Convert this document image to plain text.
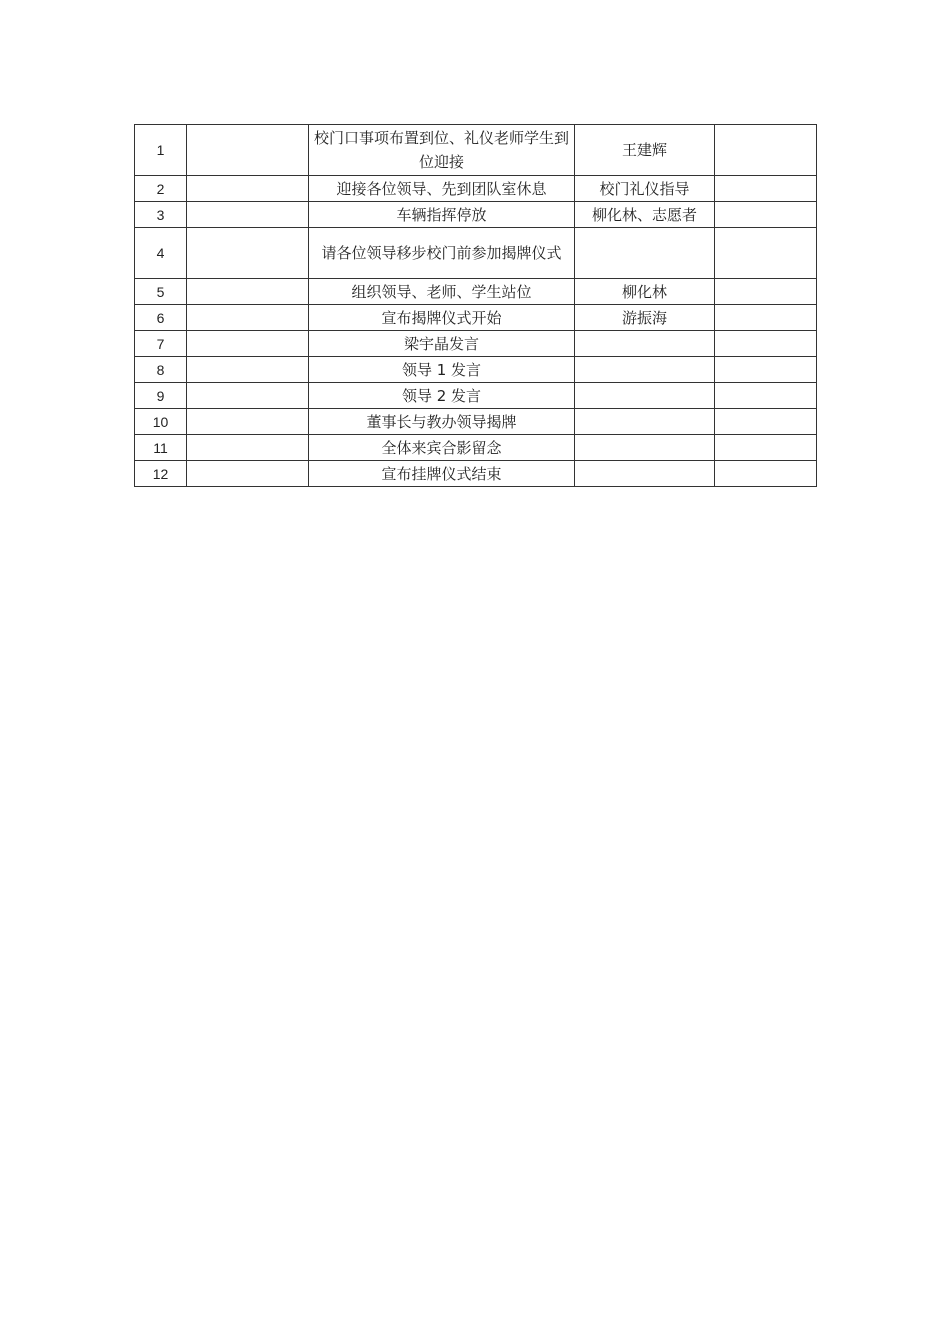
1		校门口事项布置到位、礼仪老师学生到位迎接	王建辉	
2		迎接各位领导、先到团队室休息	校门礼仪指导	
3		车辆指挥停放	柳化林、志愿者	
4		请各位领导移步校门前参加揭牌仪式		
5		组织领导、老师、学生站位	柳化林	
6		宣布揭牌仪式开始	游振海	
7		梁宇晶发言		
8		领导 1 发言		
9		领导 2 发言		
10		董事长与教办领导揭牌		
11		全体来宾合影留念		
12		宣布挂牌仪式结束		
